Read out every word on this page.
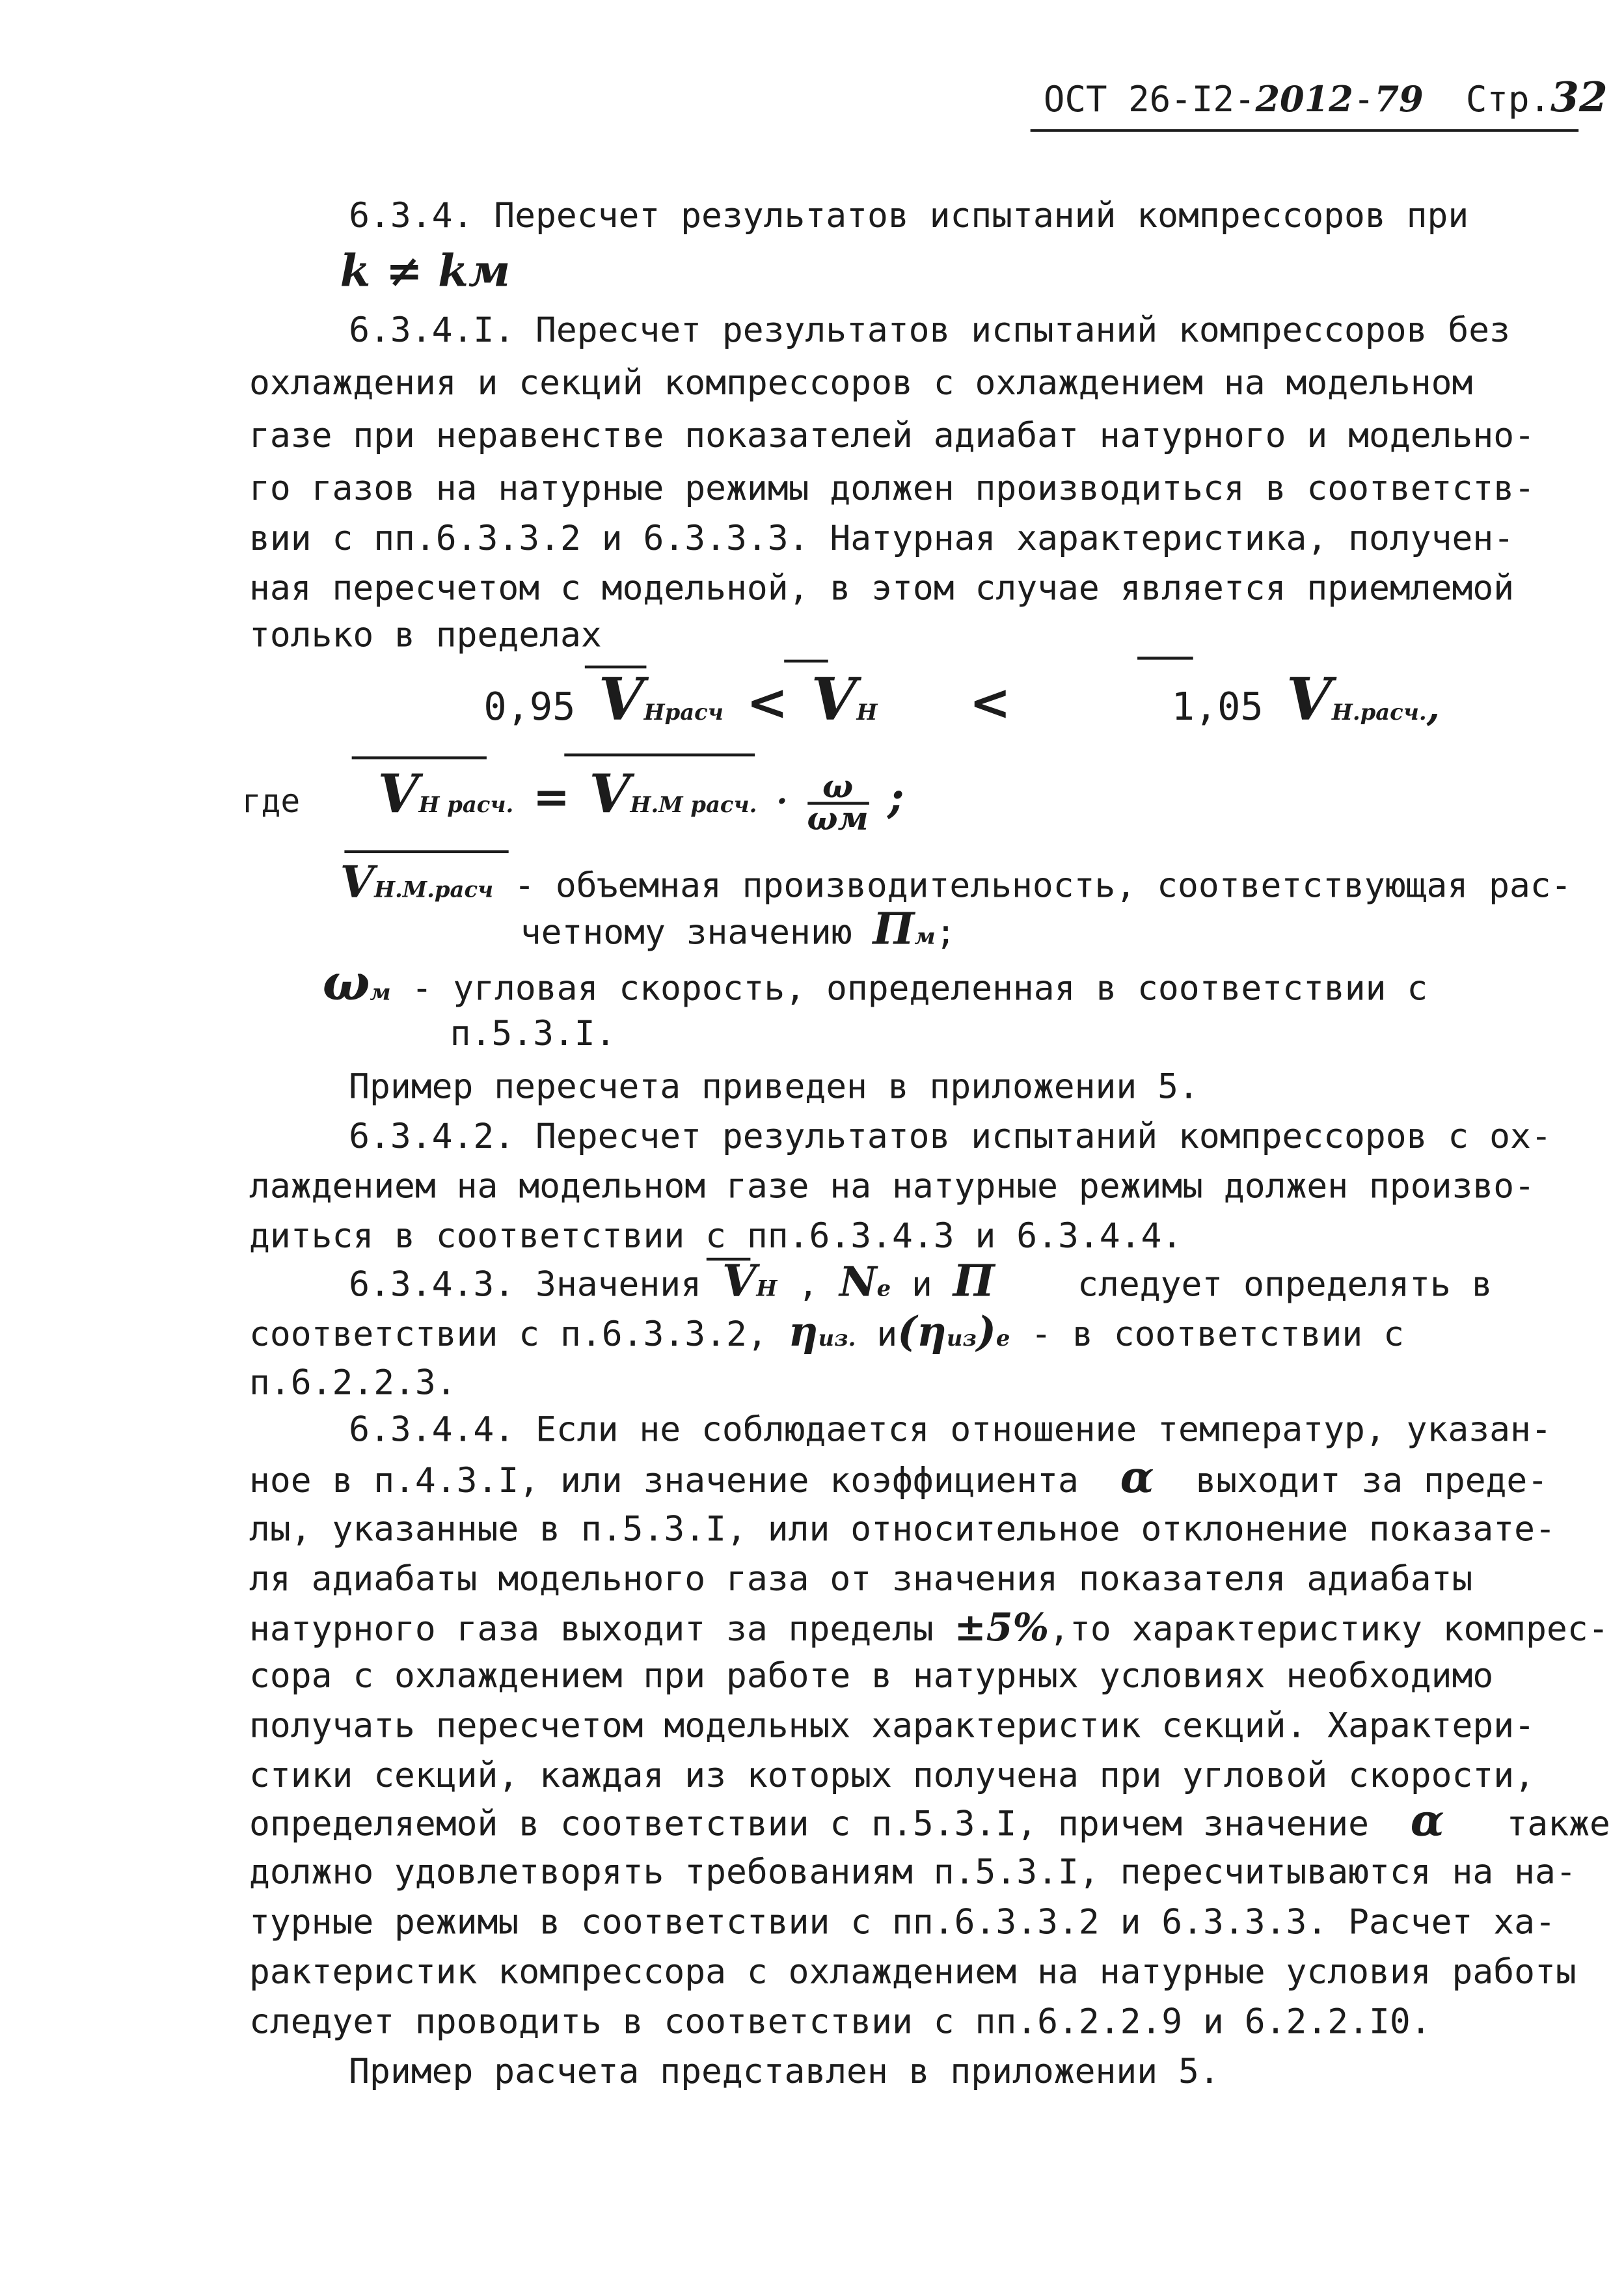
ОСТ 26-I2-2012-79	Стр.32
6.3.4. Пересчет результатов испытаний компрессоров при
k ≠ kм
6.3.4.I. Пересчет результатов испытаний компрессоров без
охлаждения и секций компрессоров с охлаждением на модельном
газе при неравенстве показателей адиабат натурного и модельно-
го газов на натурные режимы должен производиться в соответств-
вии с пп.6.3.3.2 и 6.3.3.3. Натурная характеристика, получен-
ная пересчетом с модельной, в этом случае является приемлемой
только в пределах
0,95 VНрасч < VН	<	1,05 VН.расч.,
где	VН расч. = VН.М расч. ·	ω
ωм ;
VН.М.расч - объемная производительность, соответствующая рас-
четному значению Пм;
ωм - угловая скорость, определенная в соответствии с
п.5.3.I.
Пример пересчета приведен в приложении 5.
6.3.4.2. Пересчет результатов испытаний компрессоров с ох-
лаждением на модельном газе на натурные режимы должен произво-
диться в соответствии с пп.6.3.4.3 и 6.3.4.4.
6.3.4.3. Значения VН , Ne и П	следует определять в
соответствии с п.6.3.3.2, ηиз. и(ηиз)e - в соответствии с
п.6.2.2.3.
6.3.4.4. Если не соблюдается отношение температур, указан-
ное в п.4.3.I, или значение коэффициента α	выходит за преде-
лы, указанные в п.5.3.I, или относительное отклонение показате-
ля адиабаты модельного газа от значения показателя адиабаты
натурного газа выходит за пределы ±5%,то характеристику компрес-
сора с охлаждением при работе в натурных условиях необходимо
получать пересчетом модельных характеристик секций. Характери-
стики секций, каждая из которых получена при угловой скорости,
определяемой в соответствии с п.5.3.I, причем значение α	также
должно удовлетворять требованиям п.5.3.I, пересчитываются на на-
турные режимы в соответствии с пп.6.3.3.2 и 6.3.3.3. Расчет ха-
рактеристик компрессора с охлаждением на натурные условия работы
следует проводить в соответствии с пп.6.2.2.9 и 6.2.2.I0.
Пример расчета представлен в приложении 5.
